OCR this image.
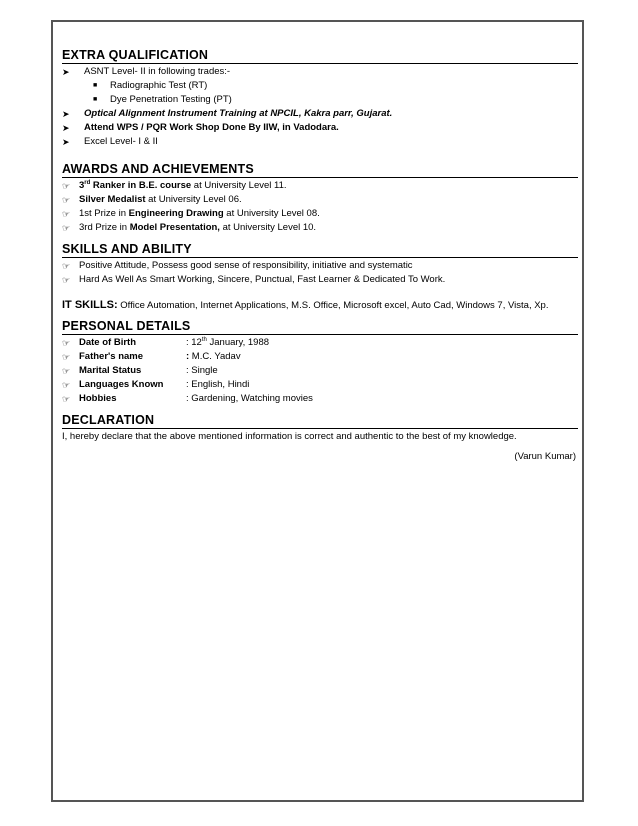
EXTRA QUALIFICATION
➤ ASNT Level- II in following trades:-
■ Radiographic Test (RT)
■ Dye Penetration Testing (PT)
➤ Optical Alignment Instrument Training at NPCIL, Kakra parr, Gujarat.
➤ Attend WPS / PQR Work Shop Done By IIW, in Vadodara.
➤ Excel Level- I & II
AWARDS AND ACHIEVEMENTS
☞ 3rd Ranker in B.E. course at University Level 11.
☞ Silver Medalist at University Level 06.
☞ 1st Prize in Engineering Drawing at University Level 08.
☞ 3rd Prize in Model Presentation, at University Level 10.
SKILLS AND ABILITY
☞ Positive Attitude, Possess good sense of responsibility, initiative and systematic
☞ Hard As Well As Smart Working, Sincere, Punctual, Fast Learner & Dedicated To Work.
IT SKILLS: Office Automation, Internet Applications, M.S. Office, Microsoft excel, Auto Cad, Windows 7, Vista, Xp.
PERSONAL DETAILS
☞ Date of Birth	: 12th January, 1988
☞ Father's name	: M.C. Yadav
☞ Marital Status	: Single
☞ Languages Known : English, Hindi
☞ Hobbies	: Gardening, Watching movies
DECLARATION
I, hereby declare that the above mentioned information is correct and authentic to the best of my knowledge.
(Varun Kumar)
